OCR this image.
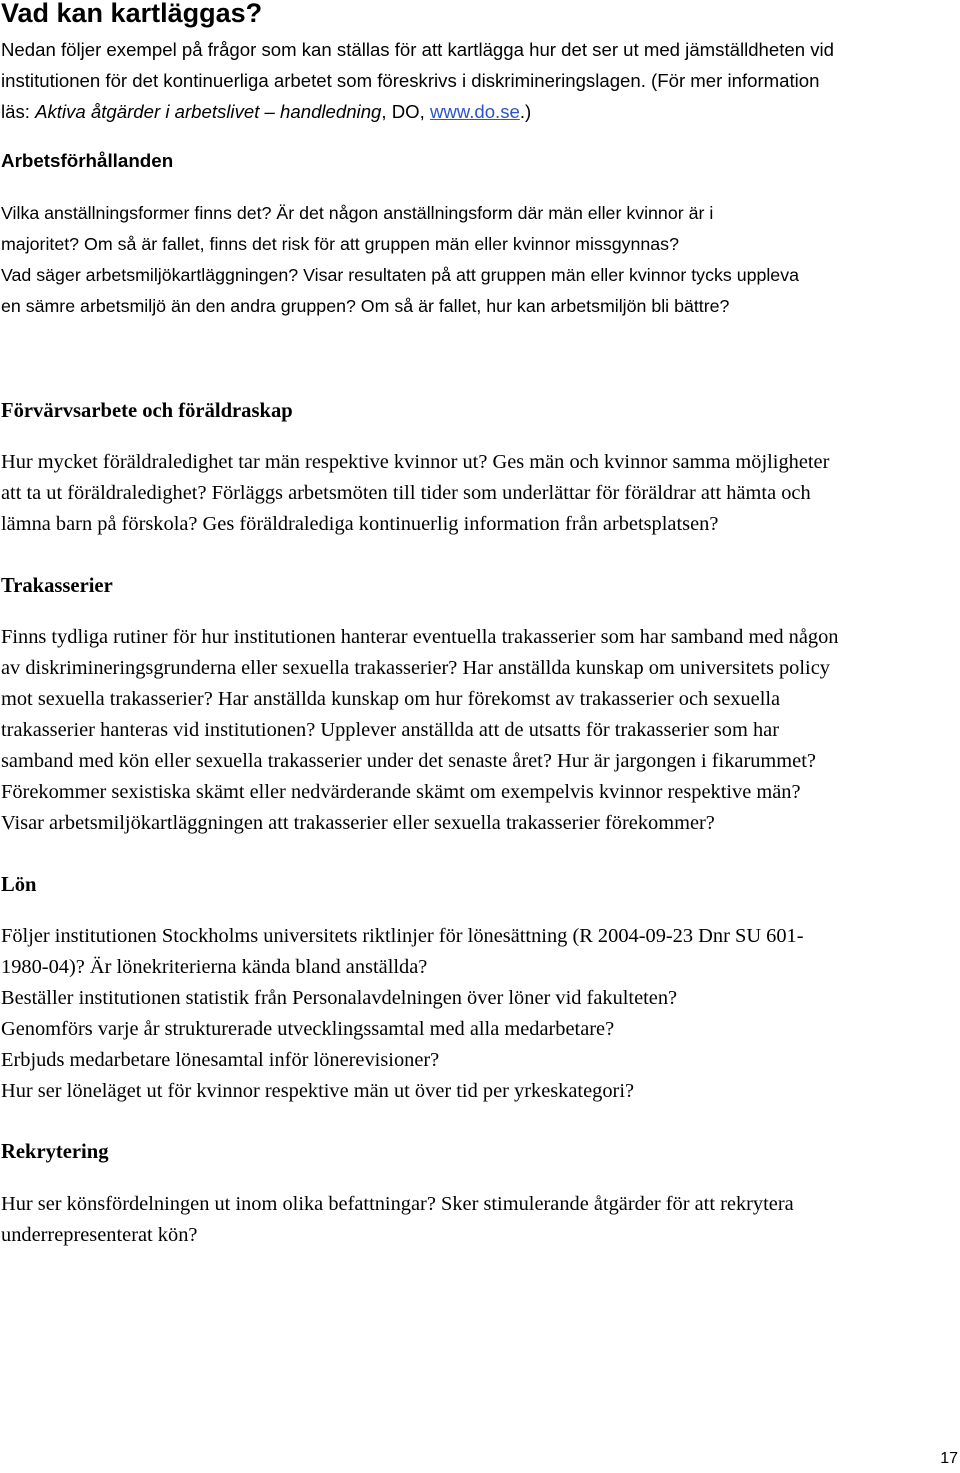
Vad kan kartläggas?

Nedan följer exempel på frågor som kan ställas för att kartlägga hur det ser ut med jämställdheten vid
institutionen för det kontinuerliga arbetet som föreskrivs i diskrimineringslagen. (För mer information
läs: Aktiva åtgärder i arbetslivet – handledning, DO, www.do.se.)

Arbetsförhållanden

Vilka anställningsformer finns det? Är det någon anställningsform där män eller kvinnor är i
majoritet? Om så är fallet, finns det risk för att gruppen män eller kvinnor missgynnas?
Vad säger arbetsmiljökartläggningen? Visar resultaten på att gruppen män eller kvinnor tycks uppleva
en sämre arbetsmiljö än den andra gruppen? Om så är fallet, hur kan arbetsmiljön bli bättre?

Förvärvsarbete och föräldraskap

Hur mycket föräldraledighet tar män respektive kvinnor ut? Ges män och kvinnor samma möjligheter
att ta ut föräldraledighet? Förläggs arbetsmöten till tider som underlättar för föräldrar att hämta och
lämna barn på förskola? Ges föräldralediga kontinuerlig information från arbetsplatsen?

Trakasserier

Finns tydliga rutiner för hur institutionen hanterar eventuella trakasserier som har samband med någon
av diskrimineringsgrunderna eller sexuella trakasserier? Har anställda kunskap om universitets policy
mot sexuella trakasserier? Har anställda kunskap om hur förekomst av trakasserier och sexuella
trakasserier hanteras vid institutionen? Upplever anställda att de utsatts för trakasserier som har
samband med kön eller sexuella trakasserier under det senaste året? Hur är jargongen i fikarummet?
Förekommer sexistiska skämt eller nedvärderande skämt om exempelvis kvinnor respektive män?
Visar arbetsmiljökartläggningen att trakasserier eller sexuella trakasserier förekommer?

Lön

Följer institutionen Stockholms universitets riktlinjer för lönesättning (R 2004-09-23 Dnr SU 601-
1980-04)? Är lönekriterierna kända bland anställda?
Beställer institutionen statistik från Personalavdelningen över löner vid fakulteten?
Genomförs varje år strukturerade utvecklingssamtal med alla medarbetare?
Erbjuds medarbetare lönesamtal inför lönerevisioner?
Hur ser löneläget ut för kvinnor respektive män ut över tid per yrkeskategori?

Rekrytering

Hur ser könsfördelningen ut inom olika befattningar? Sker stimulerande åtgärder för att rekrytera
underrepresenterat kön?

17
